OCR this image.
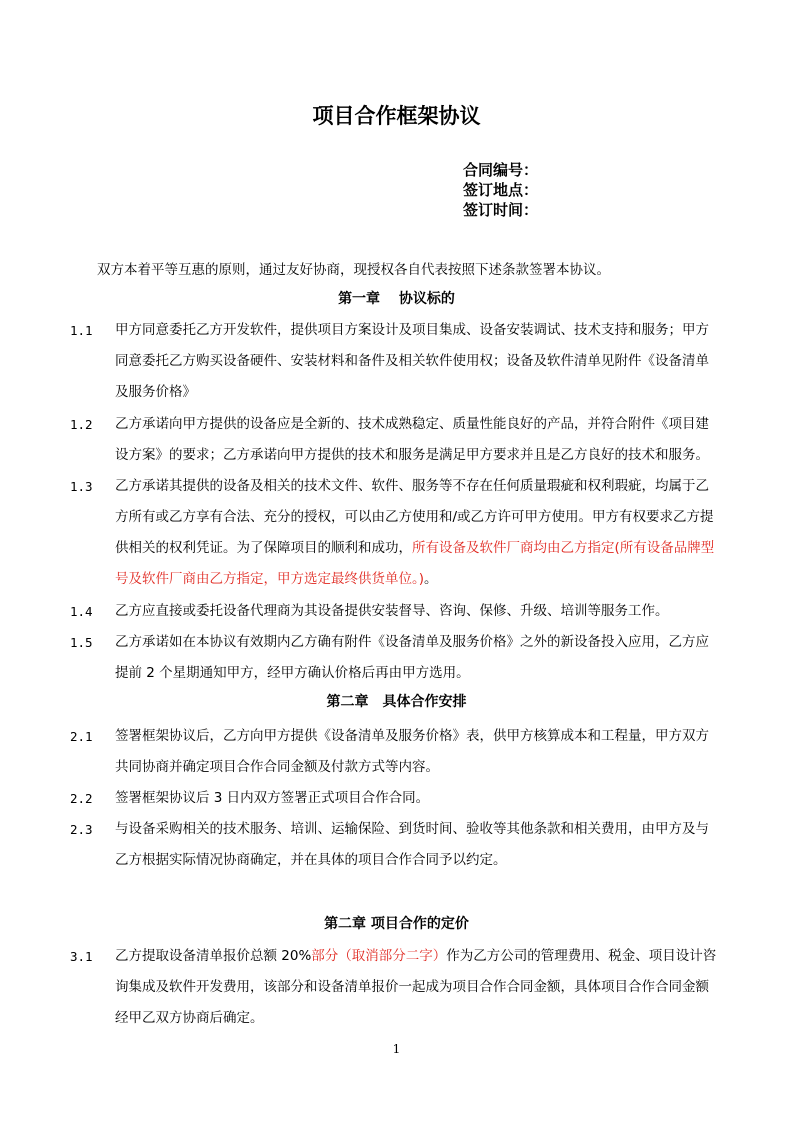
项目合作框架协议
合同编号：
签订地点：
签订时间：
双方本着平等互惠的原则，通过友好协商，现授权各自代表按照下述条款签署本协议。
第一章　 协议标的
1.1	甲方同意委托乙方开发软件，提供项目方案设计及项目集成、设备安装调试、技术支持和服务；甲方
同意委托乙方购买设备硬件、安装材料和备件及相关软件使用权；设备及软件清单见附件《设备清单
及服务价格》
1.2	乙方承诺向甲方提供的设备应是全新的、技术成熟稳定、质量性能良好的产品，并符合附件《项目建
设方案》的要求；乙方承诺向甲方提供的技术和服务是满足甲方要求并且是乙方良好的技术和服务。
1.3	乙方承诺其提供的设备及相关的技术文件、软件、服务等不存在任何质量瑕疵和权利瑕疵，均属于乙
方所有或乙方享有合法、充分的授权，可以由乙方使用和/或乙方许可甲方使用。甲方有权要求乙方提
供相关的权利凭证。为了保障项目的顺利和成功，所有设备及软件厂商均由乙方指定(所有设备品牌型
号及软件厂商由乙方指定，甲方选定最终供货单位。)。
1.4	乙方应直接或委托设备代理商为其设备提供安装督导、咨询、保修、升级、培训等服务工作。
1.5	乙方承诺如在本协议有效期内乙方确有附件《设备清单及服务价格》之外的新设备投入应用，乙方应
提前 2 个星期通知甲方，经甲方确认价格后再由甲方选用。
第二章　具体合作安排
2.1	签署框架协议后，乙方向甲方提供《设备清单及服务价格》表，供甲方核算成本和工程量，甲方双方
共同协商并确定项目合作合同金额及付款方式等内容。
2.2	签署框架协议后 3 日内双方签署正式项目合作合同。
2.3	与设备采购相关的技术服务、培训、运输保险、到货时间、验收等其他条款和相关费用，由甲方及与
乙方根据实际情况协商确定，并在具体的项目合作合同予以约定。
第二章 项目合作的定价
3.1	乙方提取设备清单报价总额 20%部分（取消部分二字）作为乙方公司的管理费用、税金、项目设计咨
询集成及软件开发费用，该部分和设备清单报价一起成为项目合作合同金额，具体项目合作合同金额
经甲乙双方协商后确定。
1
